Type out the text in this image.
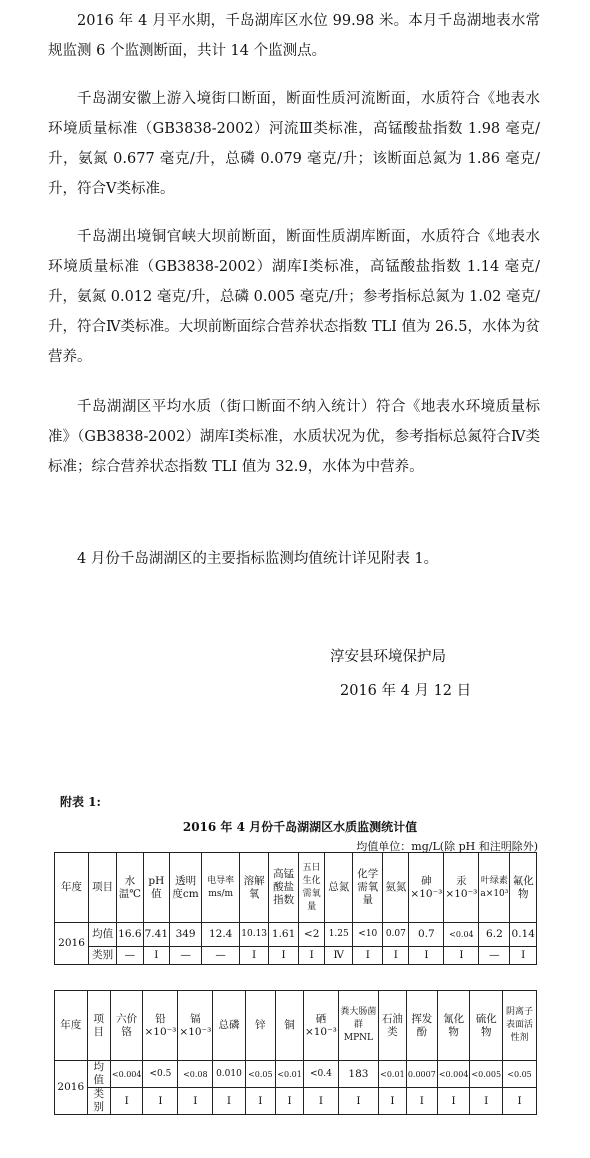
2016 年 4 月平水期，千岛湖库区水位 99.98 米。本月千岛湖地表水常规监测 6 个监测断面，共计 14 个监测点。
千岛湖安徽上游入境街口断面，断面性质河流断面，水质符合《地表水环境质量标准（GB3838-2002）河流Ⅲ类标准，高锰酸盐指数 1.98 毫克/升，氨氮 0.677 毫克/升，总磷 0.079 毫克/升；该断面总氮为 1.86 毫克/升，符合Ⅴ类标准。
千岛湖出境铜官峡大坝前断面，断面性质湖库断面，水质符合《地表水环境质量标准（GB3838-2002）湖库Ⅰ类标准，高锰酸盐指数 1.14 毫克/升，氨氮 0.012 毫克/升，总磷 0.005 毫克/升；参考指标总氮为 1.02 毫克/升，符合Ⅳ类标准。大坝前断面综合营养状态指数 TLI 值为 26.5，水体为贫营养。
千岛湖湖区平均水质（街口断面不纳入统计）符合《地表水环境质量标准》（GB3838-2002）湖库Ⅰ类标准，水质状况为优，参考指标总氮符合Ⅳ类标准；综合营养状态指数 TLI 值为 32.9，水体为中营养。
4 月份千岛湖湖区的主要指标监测均值统计详见附表 1。
淳安县环境保护局
2016 年 4 月 12 日
附表 1:
2016 年 4 月份千岛湖湖区水质监测统计值
均值单位：mg/L(除 pH 和注明除外)
年度	项目	水温℃	pH值	透明度cm	电导率ms/m	溶解氧	高锰酸盐指数	五日生化需氧量	总氮	化学需氧量	氨氮	砷×10⁻³	汞×10⁻³	叶绿素a×10³	氟化物
2016	均值	16.6	7.41	349	12.4	10.13	1.61	<2	1.25	<10	0.07	0.7	<0.04	6.2	0.14
	类别	—	Ⅰ	—	—	Ⅰ	Ⅰ	Ⅰ	Ⅳ	Ⅰ	Ⅰ	Ⅰ	Ⅰ	—	Ⅰ
年度	项目	六价铬	铅×10⁻³	镉×10⁻³	总磷	锌	铜	硒×10⁻³	粪大肠菌群MPNL	石油类	挥发酚	氰化物	硫化物	阴离子表面活性剂
2016	均值	<0.004	<0.5	<0.08	0.010	<0.05	<0.01	<0.4	183	<0.01	0.0007	<0.004	<0.005	<0.05
	类别	Ⅰ	Ⅰ	Ⅰ	Ⅰ	Ⅰ	Ⅰ	Ⅰ	Ⅰ	Ⅰ	Ⅰ	Ⅰ	Ⅰ	Ⅰ
